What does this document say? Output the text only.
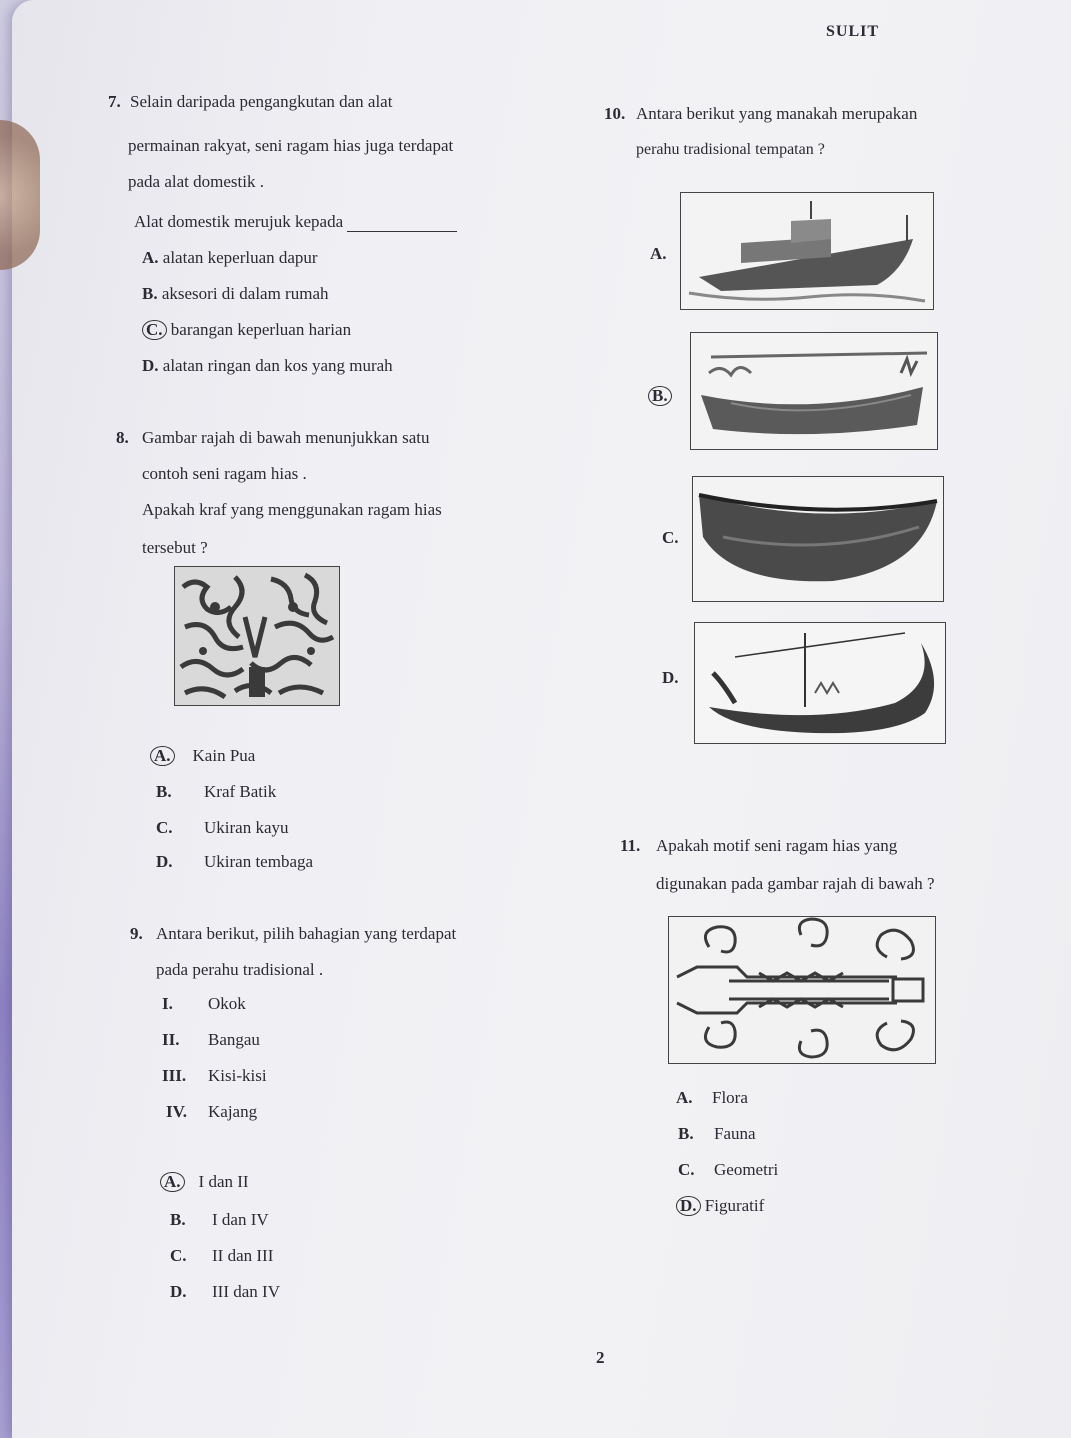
SULIT
7. Selain daripada pengangkutan dan alat
permainan rakyat, seni ragam hias juga terdapat
pada alat domestik .
Alat domestik merujuk kepada
A. alatan keperluan dapur
B. aksesori di dalam rumah
C. barangan keperluan harian
D. alatan ringan dan kos yang murah
8. Gambar rajah di bawah menunjukkan satu
contoh seni ragam hias .
Apakah kraf yang menggunakan ragam hias
tersebut ?
A. Kain Pua
B. Kraf Batik
C. Ukiran kayu
D. Ukiran tembaga
9. Antara berikut, pilih bahagian yang terdapat
pada perahu tradisional .
I. Okok
II. Bangau
III. Kisi-kisi
IV. Kajang
A. I dan II
B. I dan IV
C. II dan III
D. III dan IV
10. Antara berikut yang manakah merupakan
perahu tradisional tempatan ?
A.
B.
C.
D.
11. Apakah motif seni ragam hias yang
digunakan pada gambar rajah di bawah ?
A. Flora
B. Fauna
C. Geometri
D. Figuratif
2
